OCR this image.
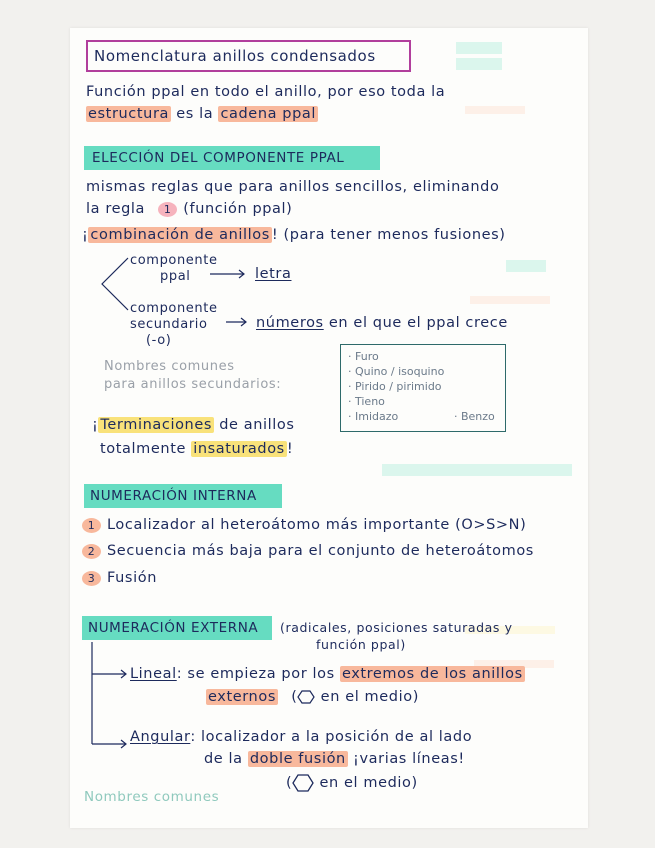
Nomenclatura anillos condensados
Función ppal en todo el anillo, por eso toda la
estructura es la cadena ppal
ELECCIÓN DEL COMPONENTE PPAL
mismas reglas que para anillos sencillos, eliminando
la regla 1 (función ppal)
¡ combinación de anillos ! (para tener menos fusiones)
componente
ppal	letra
componente
secundario
(-o)
números en el que el ppal crece
Nombres comunes
para anillos secundarios:
· Furo
· Quino / isoquino
· Pirido / pirimido
· Tieno
· Imidazo	· Benzo
¡ Terminaciones de anillos
totalmente insaturados !
NUMERACIÓN INTERNA
1 Localizador al heteroátomo más importante (O>S>N)
2 Secuencia más baja para el conjunto de heteroátomos
3 Fusión
NUMERACIÓN EXTERNA (radicales, posiciones saturadas y
función ppal)
Lineal: se empieza por los extremos de los anillos
externos ( en el medio)
Angular: localizador a la posición de al lado
de la doble fusión ¡varias líneas!
( en el medio)
Nombres comunes
